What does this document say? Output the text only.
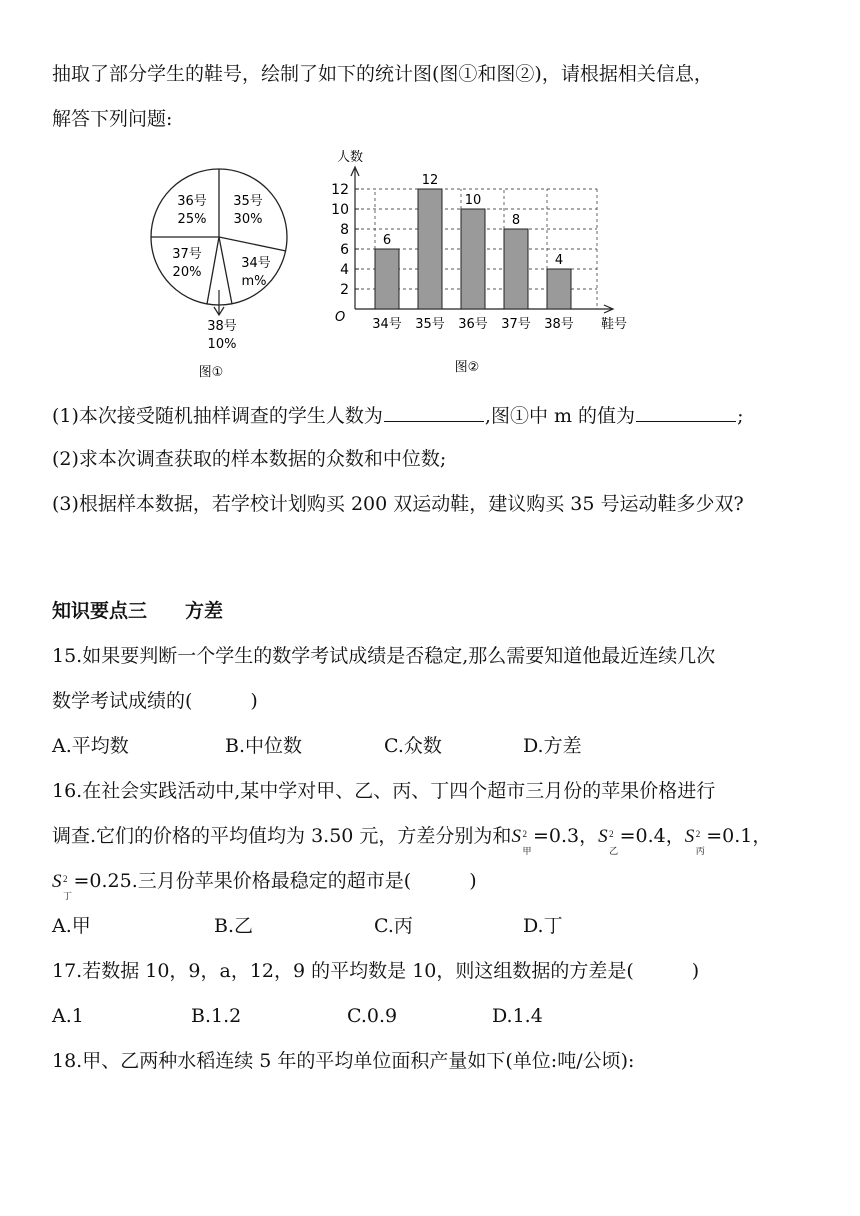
抽取了部分学生的鞋号，绘制了如下的统计图(图①和图②)，请根据相关信息，
解答下列问题:
36号
25%
35号
30%
37号
20%
34号
m%
38号
10%
图①
人数
O	鞋号
2
4
6
8
10
12
6
34号
12
35号
10
36号
8
37号
4
38号
图②
(1)本次接受随机抽样调查的学生人数为	,图①中 m 的值为	;
(2)求本次调查获取的样本数据的众数和中位数;
(3)根据样本数据，若学校计划购买 200 双运动鞋，建议购买 35 号运动鞋多少双?
知识要点三　　方差
15.如果要判断一个学生的数学考试成绩是否稳定,那么需要知道他最近连续几次
数学考试成绩的(	)
A.平均数	B.中位数	C.众数	D.方差
16.在社会实践活动中,某中学对甲、乙、丙、丁四个超市三月份的苹果价格进行
调查.它们的价格的平均值均为 3.50 元，方差分别为和S 2
甲
=0.3，S 2
乙
=0.4，S 2
丙
=0.1，
S 2
丁
=0.25.三月份苹果价格最稳定的超市是(	)
A.甲	B.乙	C.丙	D.丁
17.若数据 10，9，a，12，9 的平均数是 10，则这组数据的方差是(	)
A.1	B.1.2	C.0.9	D.1.4
18.甲、乙两种水稻连续 5 年的平均单位面积产量如下(单位:吨/公顷):
